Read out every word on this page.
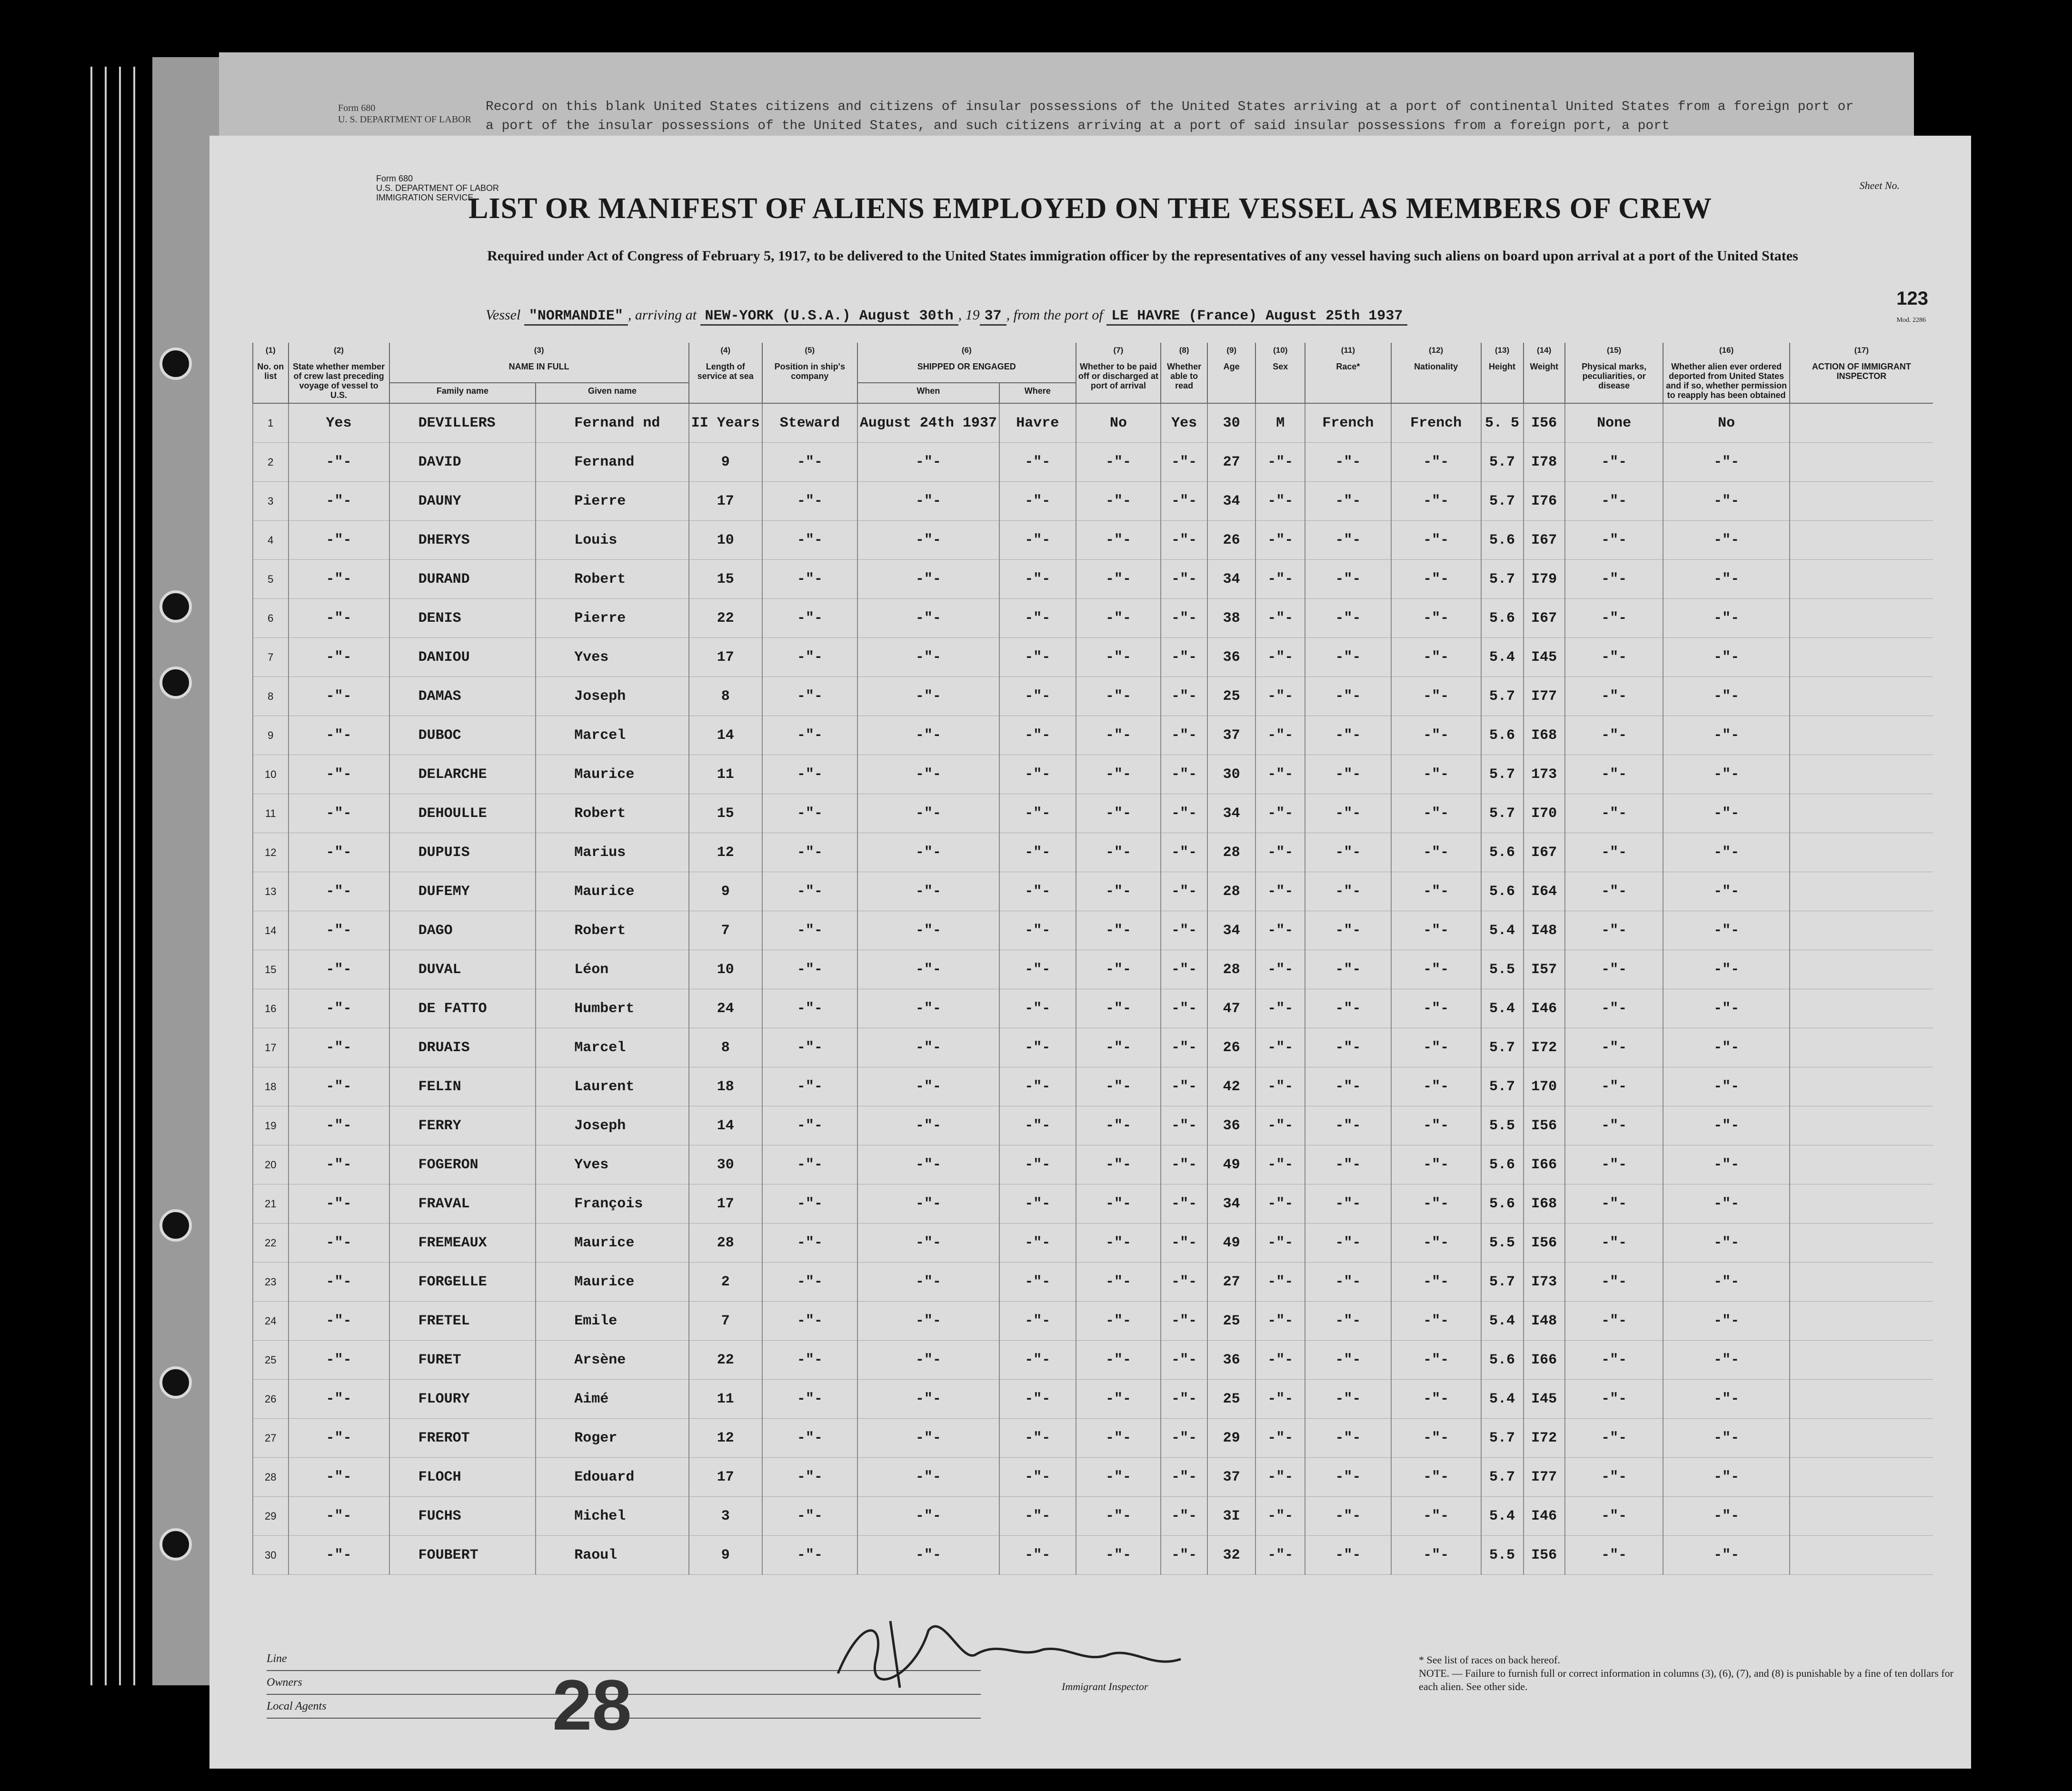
Form 680
U. S. DEPARTMENT OF LABOR
Record on this blank United States citizens and citizens of insular possessions of the United States arriving at a port of continental United States from a foreign port or a port of the insular possessions of the United States, and such citizens arriving at a port of said insular possessions from a foreign port, a port
Form 680
U.S. DEPARTMENT OF LABOR
IMMIGRATION SERVICE
Sheet No.
LIST OR MANIFEST OF ALIENS EMPLOYED ON THE VESSEL AS MEMBERS OF CREW
Required under Act of Congress of February 5, 1917, to be delivered to the United States immigration officer by the representatives of any vessel having such aliens on board upon arrival at a port of the United States
Vessel "NORMANDIE" , arriving at NEW-YORK (U.S.A.) August 30th , 19 37 , from the port of LE HAVRE (France) August 25th 1937
123
Mod. 2286
(1)
No. on list	(2)
State whether member of crew last preceding voyage of vessel to U.S.	(3)
NAME IN FULL		(4)
Length of service at sea	(5)
Position in ship's company	(6)
SHIPPED OR ENGAGED		(7)
Whether to be paid off or discharged at port of arrival	(8)
Whether able to read	(9)
Age	(10)
Sex	(11)
Race*	(12)
Nationality	(13)
Height	(14)
Weight	(15)
Physical marks, peculiarities, or disease	(16)
Whether alien ever ordered deported from United States and if so, whether permission to reapply has been obtained	(17)
ACTION OF IMMIGRANT INSPECTOR
		Family name	Given name			When	Where											
1	Yes	DEVILLERS	Fernand nd	II Years	Steward	August 24th 1937	Havre	No	Yes	30	M	French	French	5. 5	I56	None	No	
2	-"-	DAVID	Fernand	9	-"-	-"-	-"-	-"-	-"-	27	-"-	-"-	-"-	5.7	I78	-"-	-"-	
3	-"-	DAUNY	Pierre	17	-"-	-"-	-"-	-"-	-"-	34	-"-	-"-	-"-	5.7	I76	-"-	-"-	
4	-"-	DHERYS	Louis	10	-"-	-"-	-"-	-"-	-"-	26	-"-	-"-	-"-	5.6	I67	-"-	-"-	
5	-"-	DURAND	Robert	15	-"-	-"-	-"-	-"-	-"-	34	-"-	-"-	-"-	5.7	I79	-"-	-"-	
6	-"-	DENIS	Pierre	22	-"-	-"-	-"-	-"-	-"-	38	-"-	-"-	-"-	5.6	I67	-"-	-"-	
7	-"-	DANIOU	Yves	17	-"-	-"-	-"-	-"-	-"-	36	-"-	-"-	-"-	5.4	I45	-"-	-"-	
8	-"-	DAMAS	Joseph	8	-"-	-"-	-"-	-"-	-"-	25	-"-	-"-	-"-	5.7	I77	-"-	-"-	
9	-"-	DUBOC	Marcel	14	-"-	-"-	-"-	-"-	-"-	37	-"-	-"-	-"-	5.6	I68	-"-	-"-	
10	-"-	DELARCHE	Maurice	11	-"-	-"-	-"-	-"-	-"-	30	-"-	-"-	-"-	5.7	173	-"-	-"-	
11	-"-	DEHOULLE	Robert	15	-"-	-"-	-"-	-"-	-"-	34	-"-	-"-	-"-	5.7	I70	-"-	-"-	
12	-"-	DUPUIS	Marius	12	-"-	-"-	-"-	-"-	-"-	28	-"-	-"-	-"-	5.6	I67	-"-	-"-	
13	-"-	DUFEMY	Maurice	9	-"-	-"-	-"-	-"-	-"-	28	-"-	-"-	-"-	5.6	I64	-"-	-"-	
14	-"-	DAGO	Robert	7	-"-	-"-	-"-	-"-	-"-	34	-"-	-"-	-"-	5.4	I48	-"-	-"-	
15	-"-	DUVAL	Léon	10	-"-	-"-	-"-	-"-	-"-	28	-"-	-"-	-"-	5.5	I57	-"-	-"-	
16	-"-	DE FATTO	Humbert	24	-"-	-"-	-"-	-"-	-"-	47	-"-	-"-	-"-	5.4	I46	-"-	-"-	
17	-"-	DRUAIS	Marcel	8	-"-	-"-	-"-	-"-	-"-	26	-"-	-"-	-"-	5.7	I72	-"-	-"-	
18	-"-	FELIN	Laurent	18	-"-	-"-	-"-	-"-	-"-	42	-"-	-"-	-"-	5.7	170	-"-	-"-	
19	-"-	FERRY	Joseph	14	-"-	-"-	-"-	-"-	-"-	36	-"-	-"-	-"-	5.5	I56	-"-	-"-	
20	-"-	FOGERON	Yves	30	-"-	-"-	-"-	-"-	-"-	49	-"-	-"-	-"-	5.6	I66	-"-	-"-	
21	-"-	FRAVAL	François	17	-"-	-"-	-"-	-"-	-"-	34	-"-	-"-	-"-	5.6	I68	-"-	-"-	
22	-"-	FREMEAUX	Maurice	28	-"-	-"-	-"-	-"-	-"-	49	-"-	-"-	-"-	5.5	I56	-"-	-"-	
23	-"-	FORGELLE	Maurice	2	-"-	-"-	-"-	-"-	-"-	27	-"-	-"-	-"-	5.7	I73	-"-	-"-	
24	-"-	FRETEL	Emile	7	-"-	-"-	-"-	-"-	-"-	25	-"-	-"-	-"-	5.4	I48	-"-	-"-	
25	-"-	FURET	Arsène	22	-"-	-"-	-"-	-"-	-"-	36	-"-	-"-	-"-	5.6	I66	-"-	-"-	
26	-"-	FLOURY	Aimé	11	-"-	-"-	-"-	-"-	-"-	25	-"-	-"-	-"-	5.4	I45	-"-	-"-	
27	-"-	FREROT	Roger	12	-"-	-"-	-"-	-"-	-"-	29	-"-	-"-	-"-	5.7	I72	-"-	-"-	
28	-"-	FLOCH	Edouard	17	-"-	-"-	-"-	-"-	-"-	37	-"-	-"-	-"-	5.7	I77	-"-	-"-	
29	-"-	FUCHS	Michel	3	-"-	-"-	-"-	-"-	-"-	3I	-"-	-"-	-"-	5.4	I46	-"-	-"-	
30	-"-	FOUBERT	Raoul	9	-"-	-"-	-"-	-"-	-"-	32	-"-	-"-	-"-	5.5	I56	-"-	-"-	
Line
Owners
Local Agents	28	Immigrant Inspector
* See list of races on back hereof.
NOTE. — Failure to furnish full or correct information in columns (3), (6), (7), and (8) is punishable by a fine of ten dollars for each alien. See other side.
